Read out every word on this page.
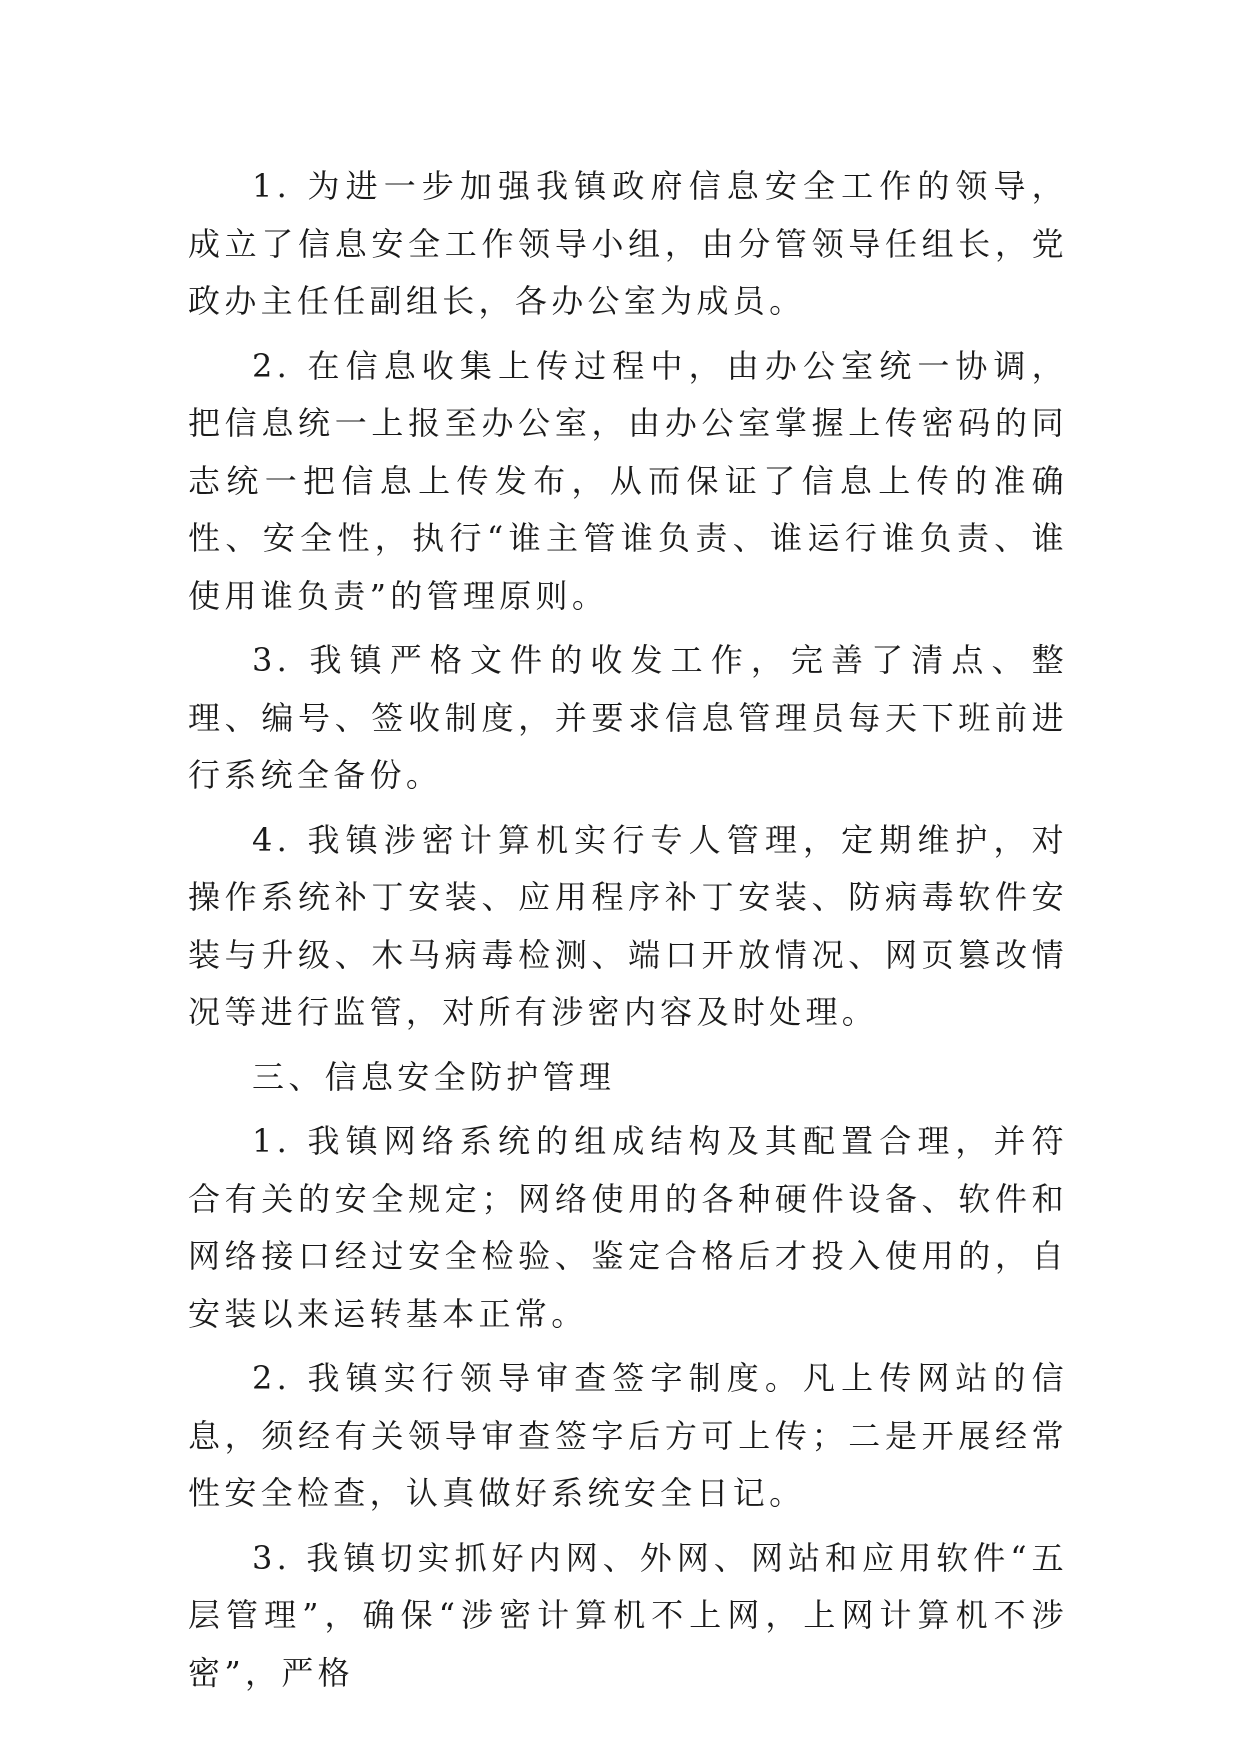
1. 为进一步加强我镇政府信息安全工作的领导，成立了信息安全工作领导小组，由分管领导任组长，党政办主任任副组长，各办公室为成员。

2. 在信息收集上传过程中，由办公室统一协调，把信息统一上报至办公室，由办公室掌握上传密码的同志统一把信息上传发布，从而保证了信息上传的准确性、安全性，执行“谁主管谁负责、谁运行谁负责、谁使用谁负责”的管理原则。

3. 我镇严格文件的收发工作，完善了清点、整理、编号、签收制度，并要求信息管理员每天下班前进行系统全备份。

4. 我镇涉密计算机实行专人管理，定期维护，对操作系统补丁安装、应用程序补丁安装、防病毒软件安装与升级、木马病毒检测、端口开放情况、网页篡改情况等进行监管，对所有涉密内容及时处理。

三、信息安全防护管理

1. 我镇网络系统的组成结构及其配置合理，并符合有关的安全规定；网络使用的各种硬件设备、软件和网络接口经过安全检验、鉴定合格后才投入使用的，自安装以来运转基本正常。

2. 我镇实行领导审查签字制度。凡上传网站的信息，须经有关领导审查签字后方可上传；二是开展经常性安全检查，认真做好系统安全日记。

3. 我镇切实抓好内网、外网、网站和应用软件“五层管理”，确保“涉密计算机不上网，上网计算机不涉密”，严格
